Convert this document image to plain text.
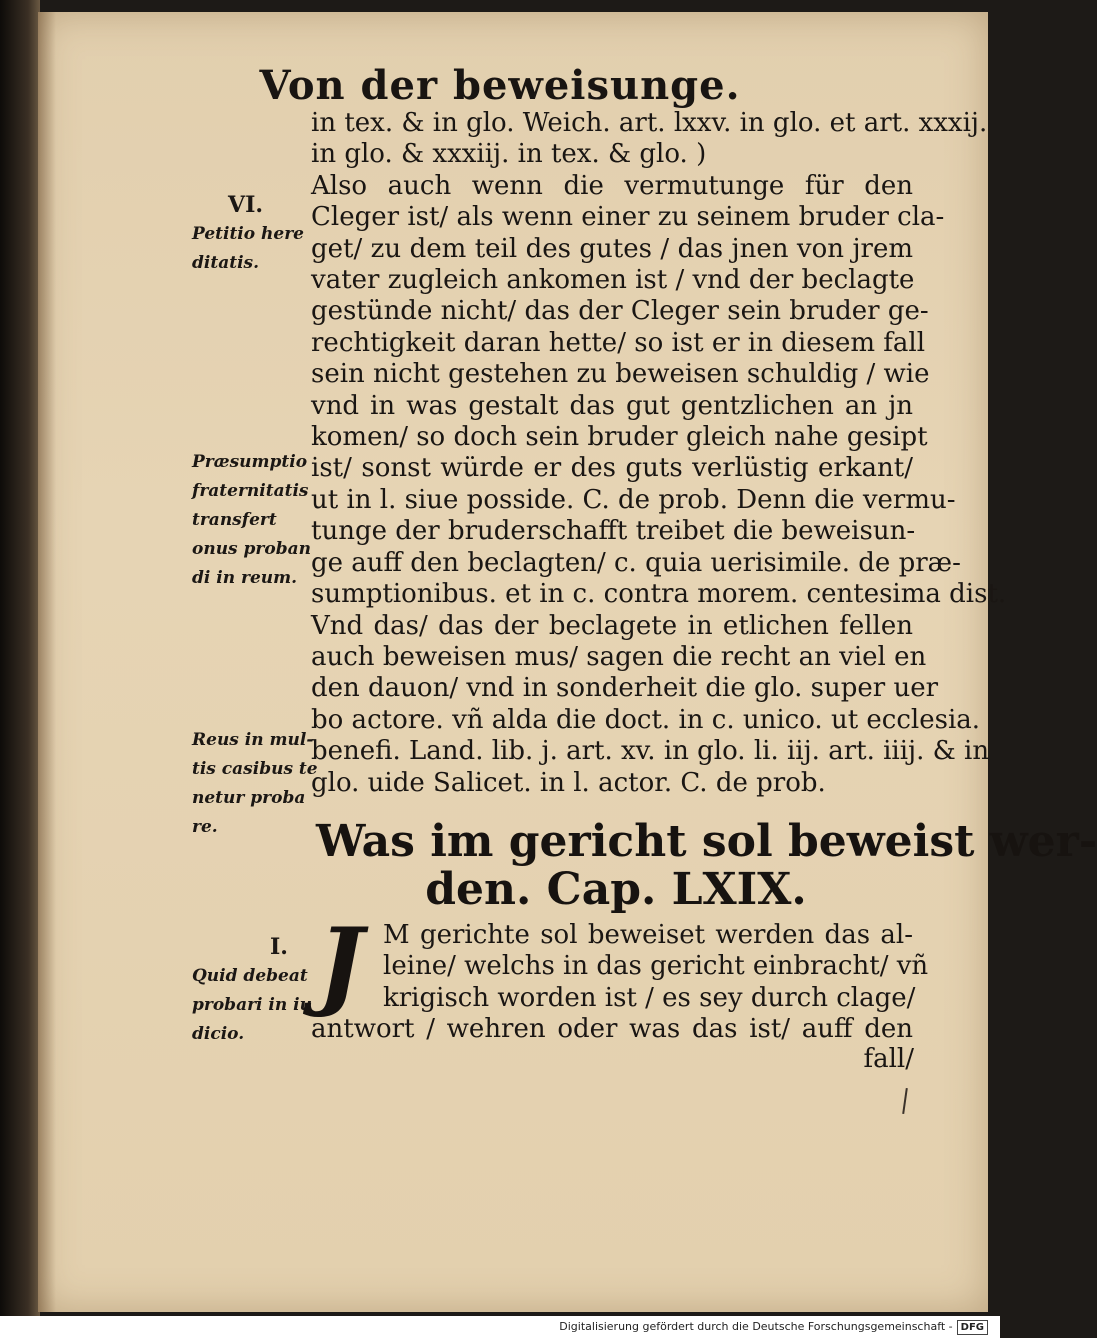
Von der beweisunge.
in tex. & in glo. Weich. art. lxxv. in glo. et art. xxxij.
in glo. & xxxiij. in tex. & glo. )
Also auch wenn die vermutunge für den
Cleger ist/ als wenn einer zu seinem bruder cla-
get/ zu dem teil des gutes / das jnen von jrem
vater zugleich ankomen ist / vnd der beclagte
gestünde nicht/ das der Cleger sein bruder ge-
rechtigkeit daran hette/ so ist er in diesem fall
sein nicht gestehen zu beweisen schuldig / wie
vnd in was gestalt das gut gentzlichen an jn
komen/ so doch sein bruder gleich nahe gesipt
ist/ sonst würde er des guts verlüstig erkant/
ut in l. siue posside. C. de prob. Denn die vermu-
tunge der bruderschafft treibet die beweisun-
ge auff den beclagten/ c. quia uerisimile. de præ-
sumptionibus. et in c. contra morem. centesima dist.
Vnd das/ das der beclagete in etlichen fellen
auch beweisen mus/ sagen die recht an viel en
den dauon/ vnd in sonderheit die glo. super uer
bo actore. vñ alda die doct. in c. unico. ut ecclesia.
benefi. Land. lib. j. art. xv. in glo. li. iij. art. iiij. & in
glo. uide Salicet. in l. actor. C. de prob.
VI.
Petitio here
ditatis.
Præsumptio
fraternitatis
transfert
onus proban
di in reum.
Reus in mul-
tis casibus te
netur proba
re.	Was im gericht sol beweist wer-
den. Cap. LXIX.
I.
Quid debeat
probari in iu
dicio.
J M gerichte sol beweiset werden das al-
leine/ welchs in das gericht einbracht/ vñ
krigisch worden ist / es sey durch clage/
antwort / wehren oder was das ist/ auff den
fall/
Digitalisierung gefördert durch die Deutsche Forschungsgemeinschaft - DFG
